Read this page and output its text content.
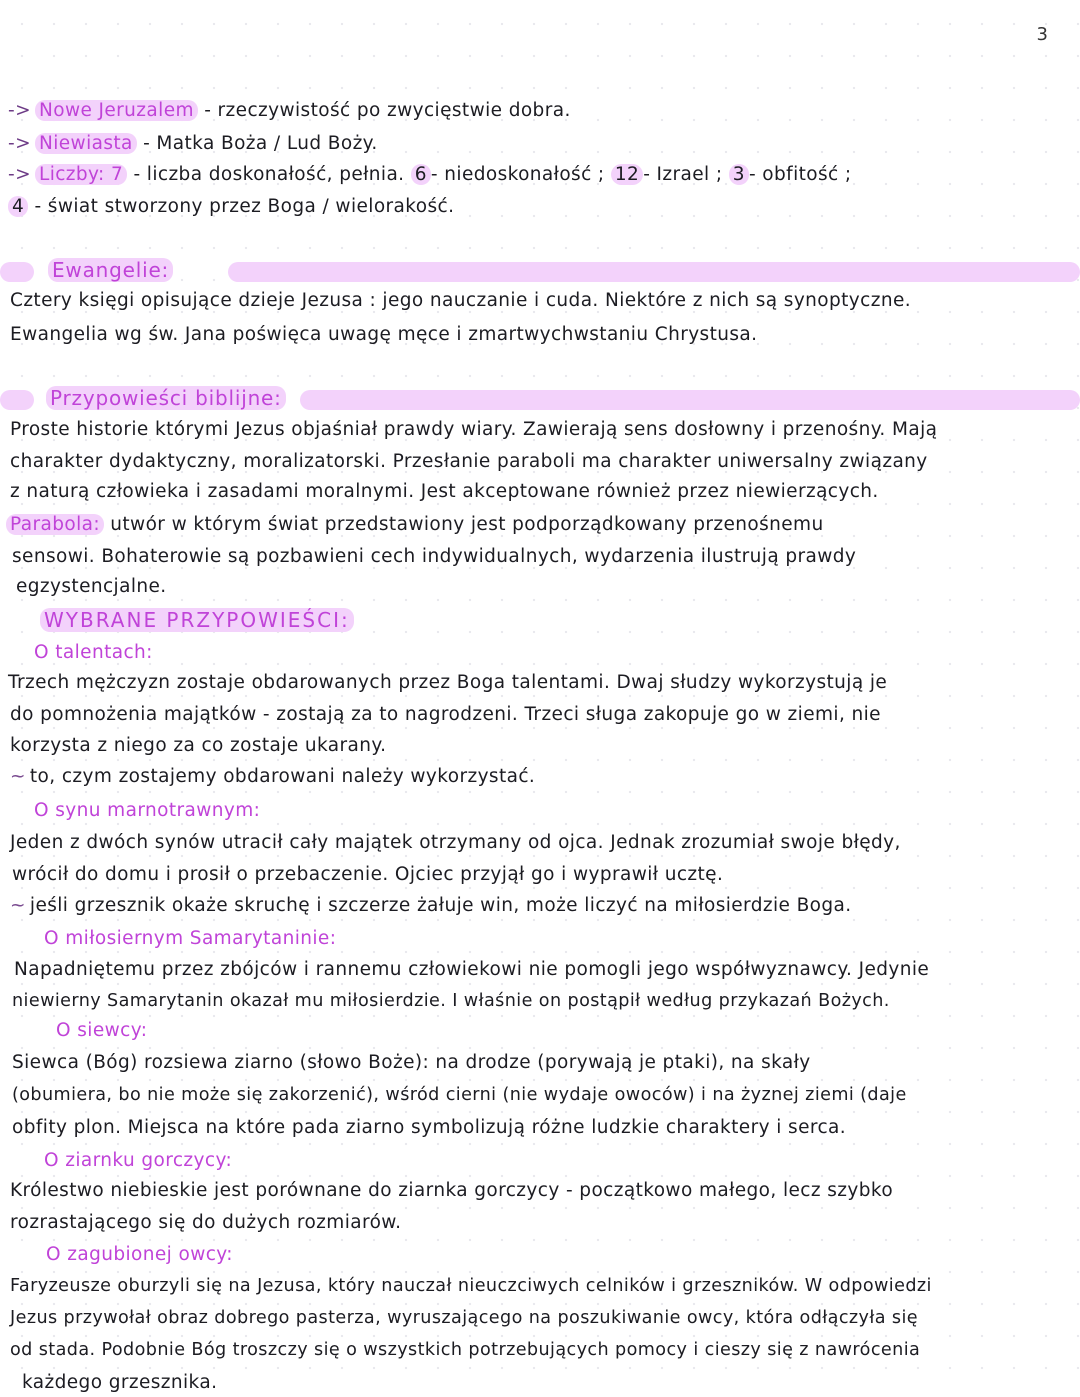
3
-> Nowe Jeruzalem - rzeczywistość po zwycięstwie dobra.
-> Niewiasta - Matka Boża / Lud Boży.
-> Liczby: 7 - liczba doskonałość, pełnia. 6 - niedoskonałość ; 12 - Izrael ; 3 - obfitość ;
4 - świat stworzony przez Boga / wielorakość.
Ewangelie:
Cztery księgi opisujące dzieje Jezusa : jego nauczanie i cuda. Niektóre z nich są synoptyczne.
Ewangelia wg św. Jana poświęca uwagę męce i zmartwychwstaniu Chrystusa.
Przypowieści biblijne:
Proste historie którymi Jezus objaśniał prawdy wiary. Zawierają sens dosłowny i przenośny. Mają
charakter dydaktyczny, moralizatorski. Przesłanie paraboli ma charakter uniwersalny związany
z naturą człowieka i zasadami moralnymi. Jest akceptowane również przez niewierzących.
Parabola: utwór w którym świat przedstawiony jest podporządkowany przenośnemu
sensowi. Bohaterowie są pozbawieni cech indywidualnych, wydarzenia ilustrują prawdy
egzystencjalne.
WYBRANE PRZYPOWIEŚCI:
O talentach:
Trzech mężczyzn zostaje obdarowanych przez Boga talentami. Dwaj słudzy wykorzystują je
do pomnożenia majątków - zostają za to nagrodzeni. Trzeci sługa zakopuje go w ziemi, nie
korzysta z niego za co zostaje ukarany.
~ to, czym zostajemy obdarowani należy wykorzystać.
O synu marnotrawnym:
Jeden z dwóch synów utracił cały majątek otrzymany od ojca. Jednak zrozumiał swoje błędy,
wrócił do domu i prosił o przebaczenie. Ojciec przyjął go i wyprawił ucztę.
~ jeśli grzesznik okaże skruchę i szczerze żałuje win, może liczyć na miłosierdzie Boga.
O miłosiernym Samarytaninie:
Napadniętemu przez zbójców i rannemu człowiekowi nie pomogli jego współwyznawcy. Jedynie
niewierny Samarytanin okazał mu miłosierdzie. I właśnie on postąpił według przykazań Bożych.
O siewcy:
Siewca (Bóg) rozsiewa ziarno (słowo Boże): na drodze (porywają je ptaki), na skały
(obumiera, bo nie może się zakorzenić), wśród cierni (nie wydaje owoców) i na żyznej ziemi (daje
obfity plon. Miejsca na które pada ziarno symbolizują różne ludzkie charaktery i serca.
O ziarnku gorczycy:
Królestwo niebieskie jest porównane do ziarnka gorczycy - początkowo małego, lecz szybko
rozrastającego się do dużych rozmiarów.
O zagubionej owcy:
Faryzeusze oburzyli się na Jezusa, który nauczał nieuczciwych celników i grzeszników. W odpowiedzi
Jezus przywołał obraz dobrego pasterza, wyruszającego na poszukiwanie owcy, która odłączyła się
od stada. Podobnie Bóg troszczy się o wszystkich potrzebujących pomocy i cieszy się z nawrócenia
każdego grzesznika.
